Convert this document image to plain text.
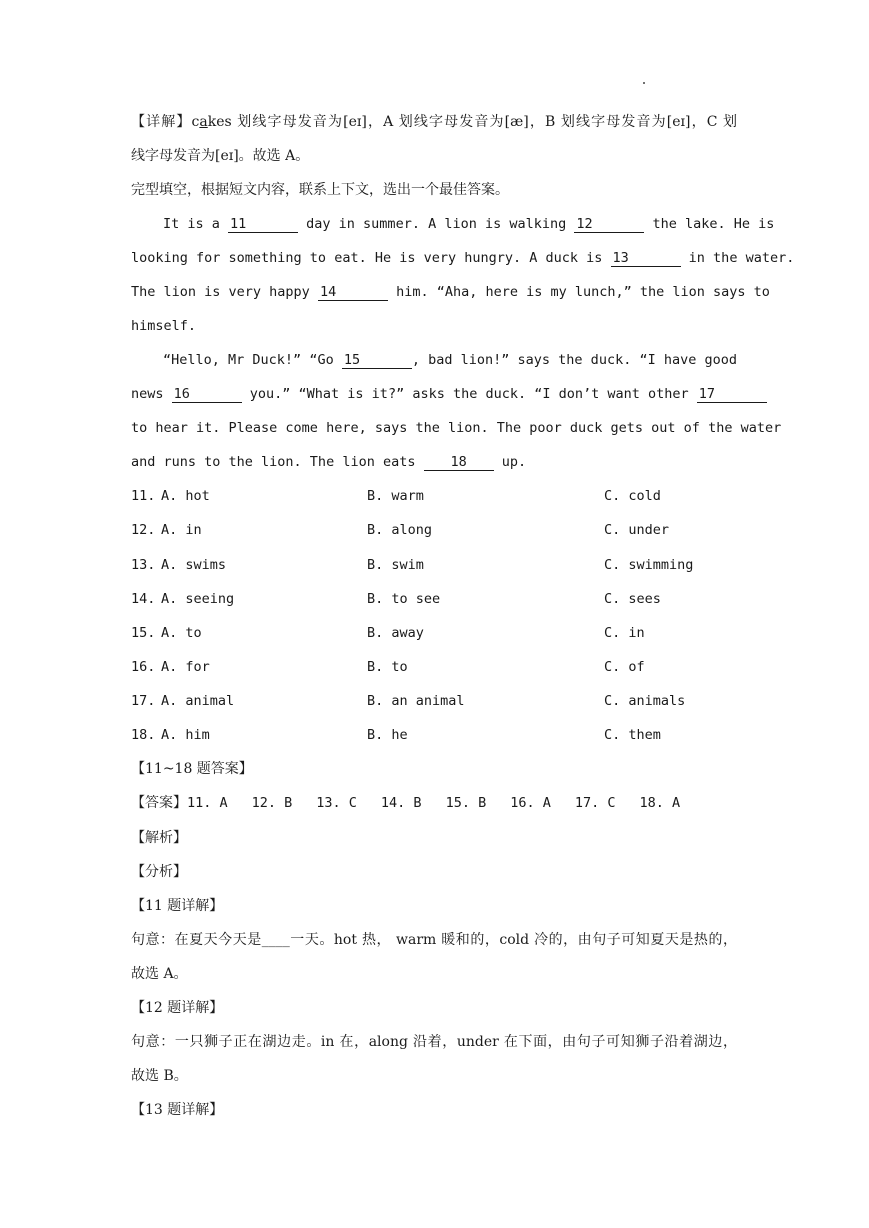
【详解】cakes 划线字母发音为[eɪ]，A 划线字母发音为[æ]，B 划线字母发音为[eɪ]，C 划
线字母发音为[eɪ]。故选 A。
完型填空，根据短文内容，联系上下文，选出一个最佳答案。
It is a 11	day in summer. A lion is walking 12	the lake. He is
looking for something to eat. He is very hungry. A duck is 13	in the water.
The lion is very happy 14	him. “Aha, here is my lunch,” the lion says to
himself.
“Hello, Mr Duck!” “Go 15	, bad lion!” says the duck. “I have good
news 16	you.” “What is it?” asks the duck. “I don’t want other 17
to hear it. Please come here, says the lion. The poor duck gets out of the water
and runs to the lion. The lion eats 18 up.
11. A. hot	B. warm	C. cold
12. A. in	B. along	C. under
13. A. swims	B. swim	C. swimming
14. A. seeing	B. to see	C. sees
15. A. to	B. away	C. in
16. A. for	B. to	C. of
17. A. animal	B. an animal	C. animals
18. A. him	B. he	C. them
【11~18 题答案】
【答案】11. A 12. B 13. C 14. B 15. B 16. A 17. C 18. A
【解析】
【分析】
【11 题详解】
句意：在夏天今天是____一天。hot 热， warm 暖和的，cold 冷的，由句子可知夏天是热的，
故选 A。
【12 题详解】
句意：一只狮子正在湖边走。in 在，along 沿着，under 在下面，由句子可知狮子沿着湖边，
故选 B。
【13 题详解】
